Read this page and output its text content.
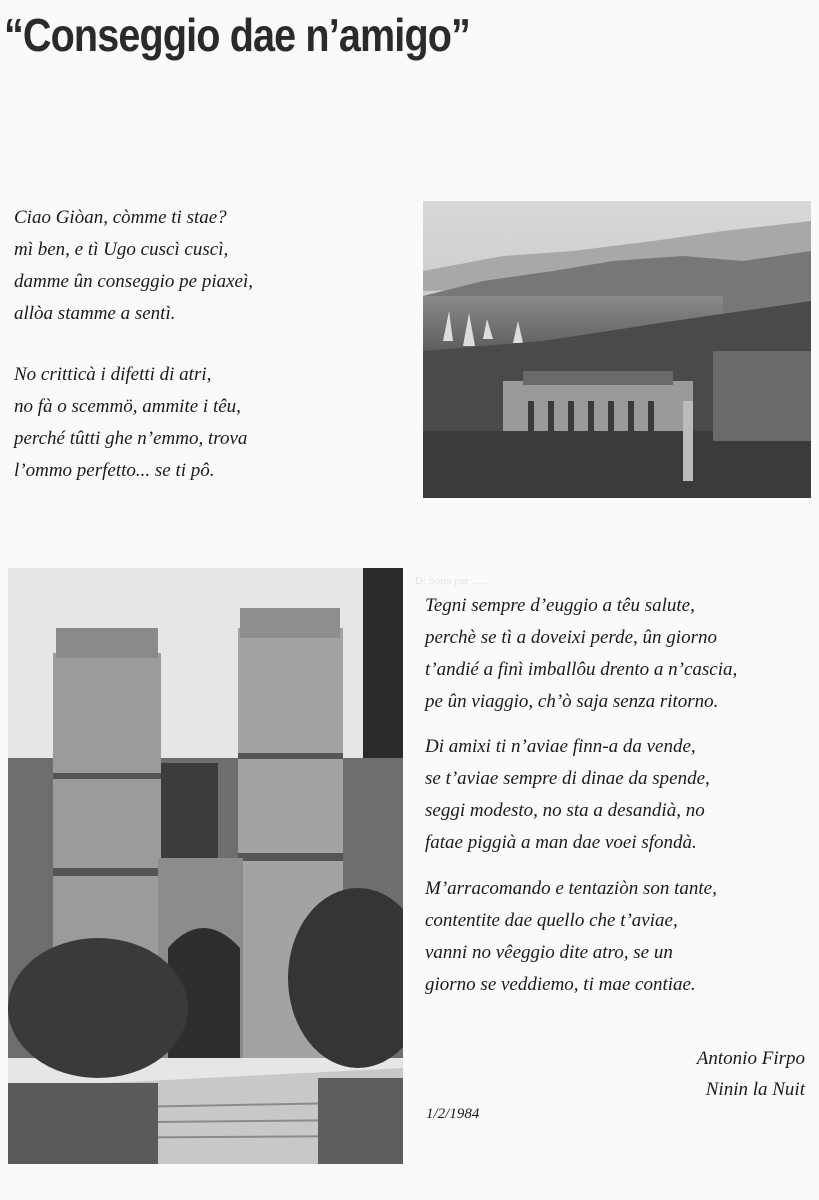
“Conseggio dae n’amigo”
Ciao Giòan, còmme ti stae?
mì ben, e tì Ugo cuscì cuscì,
damme ûn conseggio pe piaxeì,
allòa stamme a sentì.
No critticà i difetti di atri,
no fà o scemmö, ammite i têu,
perché tûtti ghe n’emmo, trova
l’ommo perfetto... se ti pô.
D: Sono pur ......
Tegni sempre d’euggio a têu salute,
perchè se tì a doveixi perde, ûn giorno
t’andié a finì imballôu drento a n’cascia,
pe ûn viaggio, ch’ò saja senza ritorno.
Di amixi ti n’aviae finn-a da vende,
se t’aviae sempre di dinae da spende,
seggi modesto, no sta a desandià, no
fatae piggià a man dae voei sfondà.
M’arracomando e tentaziòn son tante,
contentite dae quello che t’aviae,
vanni no vêeggio dite atro, se un
giorno se veddiemo, ti mae contiae.
Antonio Firpo
Ninin la Nuit
1/2/1984
